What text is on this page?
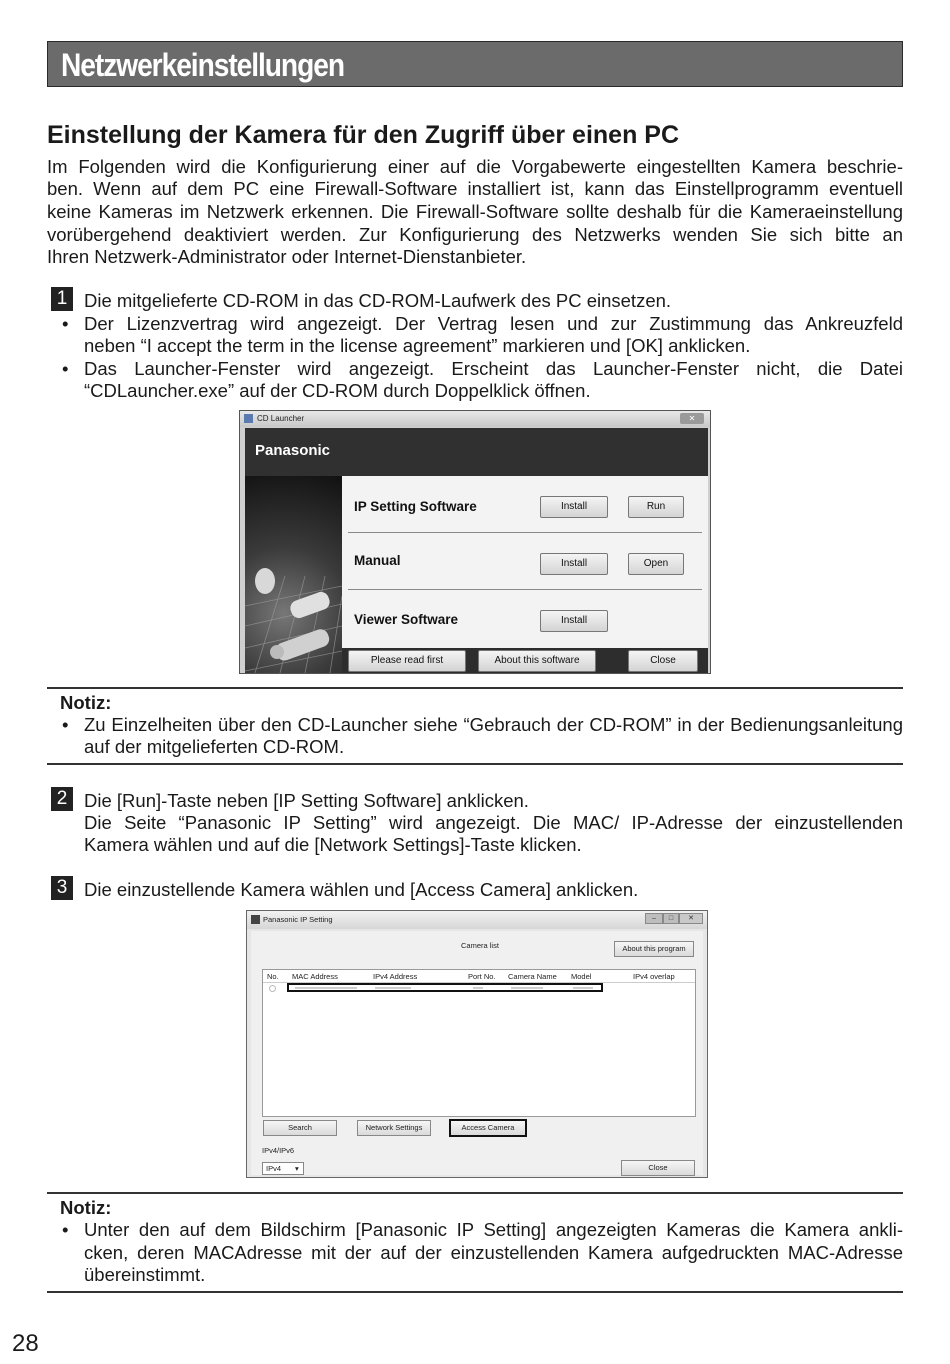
Netzwerkeinstellungen
Einstellung der Kamera für den Zugriff über einen PC
Im Folgenden wird die Konfigurierung einer auf die Vorgabewerte eingestellten Kamera beschrie-
ben. Wenn auf dem PC eine Firewall-Software installiert ist, kann das Einstellprogramm eventuell
keine Kameras im Netzwerk erkennen. Die Firewall-Software sollte deshalb für die Kameraeinstellung
vorübergehend deaktiviert werden. Zur Konfigurierung des Netzwerks wenden Sie sich bitte an
Ihren Netzwerk-Administrator oder Internet-Dienstanbieter.
1 Die mitgelieferte CD-ROM in das CD-ROM-Laufwerk des PC einsetzen.
• Der Lizenzvertrag wird angezeigt. Der Vertrag lesen und zur Zustimmung das Ankreuzfeld
neben “I accept the term in the license agreement” markieren und [OK] anklicken.
• Das Launcher-Fenster wird angezeigt. Erscheint das Launcher-Fenster nicht, die Datei
“CDLauncher.exe” auf der CD-ROM durch Doppelklick öffnen.
CD Launcher	✕
Panasonic
IP Setting Software	Install	Run
Manual	Install	Open
Viewer Software	Install
Please read first	About this software	Close
Notiz:
• Zu Einzelheiten über den CD-Launcher siehe “Gebrauch der CD-ROM” in der Bedienungsanleitung
auf der mitgelieferten CD-ROM.
2 Die [Run]-Taste neben [IP Setting Software] anklicken.
Die Seite “Panasonic IP Setting” wird angezeigt. Die MAC/ IP-Adresse der einzustellenden
Kamera wählen und auf die [Network Settings]-Taste klicken.
3 Die einzustellende Kamera wählen und [Access Camera] anklicken.
Panasonic IP Setting	–	□	✕
Camera list	About this program
No. MAC Address	IPv4 Address	Port No. Camera Name Model	IPv4 overlap
Search	Network Settings	Access Camera
IPv4/IPv6
IPv4 ▾	Close
Notiz:
• Unter den auf dem Bildschirm [Panasonic IP Setting] angezeigten Kameras die Kamera ankli-
cken, deren MACAdresse mit der auf der einzustellenden Kamera aufgedruckten MAC-Adresse
übereinstimmt.
28
